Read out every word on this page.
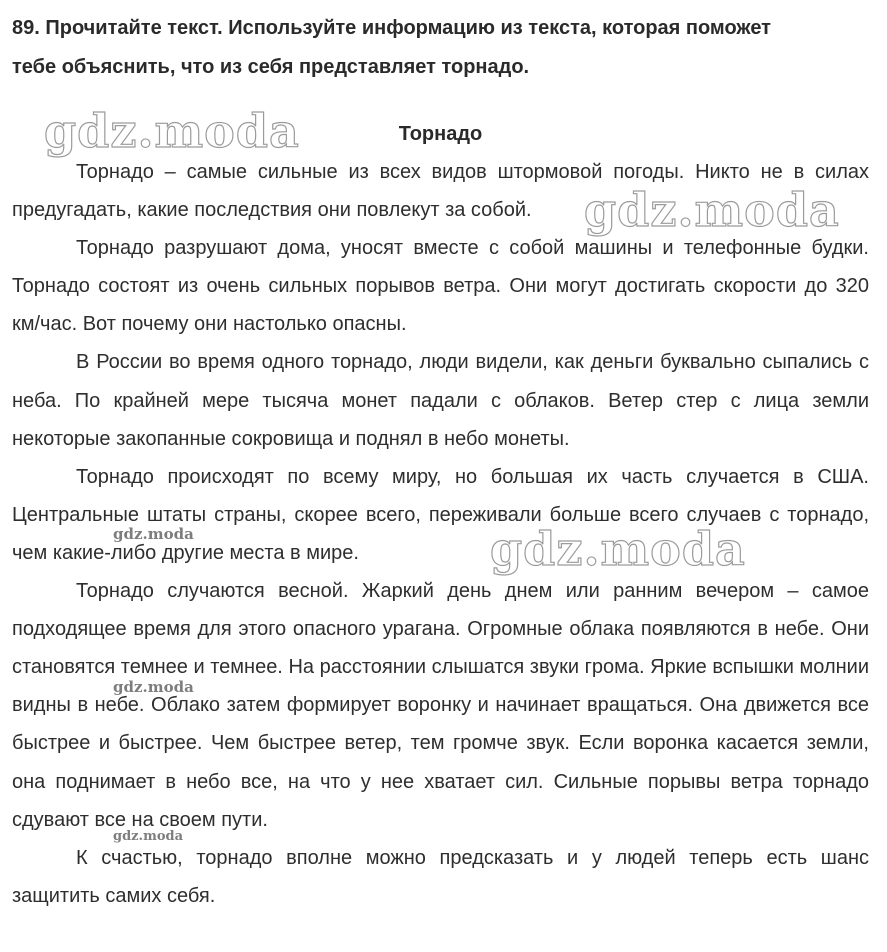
89. Прочитайте текст. Используйте информацию из текста, которая поможет
тебе объяснить, что из себя представляет торнадо.
Торнадо

Торнадо – самые сильные из всех видов штормовой погоды. Никто не в силах предугадать, какие последствия они повлекут за собой.

Торнадо разрушают дома, уносят вместе с собой машины и телефонные будки. Торнадо состоят из очень сильных порывов ветра. Они могут достигать скорости до 320 км/час. Вот почему они настолько опасны.

В России во время одного торнадо, люди видели, как деньги буквально сыпались с неба. По крайней мере тысяча монет падали с облаков. Ветер стер с лица земли некоторые закопанные сокровища и поднял в небо монеты.

Торнадо происходят по всему миру, но большая их часть случается в США. Центральные штаты страны, скорее всего, переживали больше всего случаев с торнадо, чем какие-либо другие места в мире.

Торнадо случаются весной. Жаркий день днем или ранним вечером – самое подходящее время для этого опасного урагана. Огромные облака появляются в небе. Они становятся темнее и темнее. На расстоянии слышатся звуки грома. Яркие вспышки молнии видны в небе. Облако затем формирует воронку и начинает вращаться. Она движется все быстрее и быстрее. Чем быстрее ветер, тем громче звук. Если воронка касается земли, она поднимает в небо все, на что у нее хватает сил. Сильные порывы ветра торнадо сдувают все на своем пути.

К счастью, торнадо вполне можно предсказать и у людей теперь есть шанс защитить самих себя.

gdz.moda
gdz.moda
gdz.moda
gdz.moda
gdz.moda
gdz.moda
